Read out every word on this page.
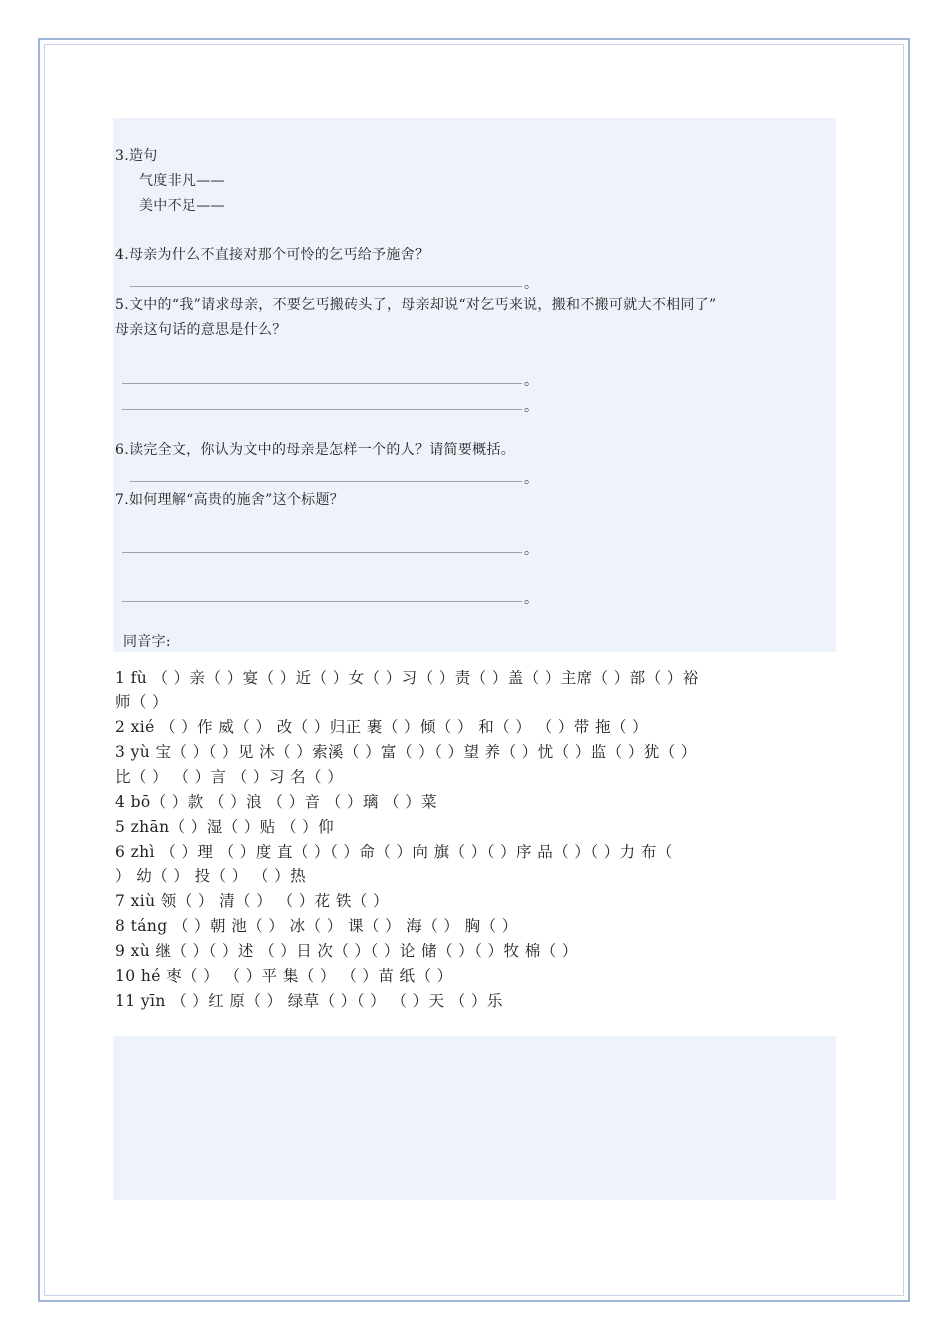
3.造句
气度非凡——
美中不足——
4.母亲为什么不直接对那个可怜的乞丐给予施舍？
。
5.文中的“我”请求母亲，不要乞丐搬砖头了，母亲却说“对乞丐来说，搬和不搬可就大不相同了”
母亲这句话的意思是什么？
。
。
6.读完全文，你认为文中的母亲是怎样一个的人？请简要概括。
。
7.如何理解“高贵的施舍”这个标题？
。
。
同音字:
1 fù （ ）亲（ ）宴（ ）近（ ）女（ ）习（ ）责（ ）盖（ ）主席（ ）部（ ）裕
师（ ）
2 xié （ ）作 威（ ） 改（ ）归正 裹（ ）倾（ ） 和（ ） （ ）带 拖（ ）
3 yù 宝（ ）（ ）见 沐（ ）索溪（ ）富（ ）（ ）望 养（ ）忧（ ）监（ ）犹（ ）
比（ ） （ ）言 （ ）习 名（ ）
4 bō（ ）款 （ ）浪 （ ）音 （ ）璃 （ ）菜
5 zhān（ ）湿（ ）贴 （ ）仰
6 zhì （ ）理 （ ）度 直（ ）（ ）命（ ）向 旗（ ）（ ）序 品（ ）（ ）力 布（
） 幼（ ） 投（ ） （ ）热
7 xiù 领（ ） 清（ ） （ ）花 铁（ ）
8 táng （ ）朝 池（ ） 冰（ ） 课（ ） 海（ ） 胸（ ）
9 xù 继（ ）（ ）述 （ ）日 次（ ）（ ）论 储（ ）（ ）牧 棉（ ）
10 hé 枣（ ） （ ）平 集（ ） （ ）苗 纸（ ）
11 yīn （ ）红 原（ ） 绿草（ ）（ ） （ ）天 （ ）乐
